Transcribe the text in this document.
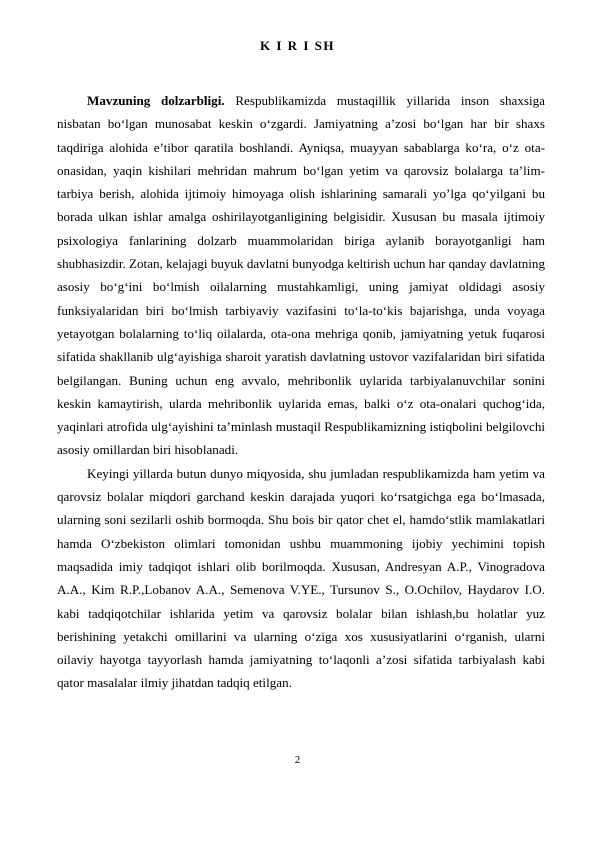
K I R I SH

Mavzuning dolzarbligi. Respublikamizda mustaqillik yillarida inson shaxsiga nisbatan bo‘lgan munosabat keskin o‘zgardi. Jamiyatning a’zosi bo‘lgan har bir shaxs taqdiriga alohida e’tibor qaratila boshlandi. Ayniqsa, muayyan sabablarga ko‘ra, o‘z ota-onasidan, yaqin kishilari mehridan mahrum bo‘lgan yetim va qarovsiz bolalarga ta’lim-tarbiya berish, alohida ijtimoiy himoyaga olish ishlarining samarali yo’lga qo‘yilgani bu borada ulkan ishlar amalga oshirilayotganligining belgisidir. Xususan bu masala ijtimoiy psixologiya fanlarining dolzarb muammolaridan biriga aylanib borayotganligi ham shubhasizdir. Zotan, kelajagi buyuk davlatni bunyodga keltirish uchun har qanday davlatning asosiy bo‘g‘ini bo‘lmish oilalarning mustahkamligi, uning jamiyat oldidagi asosiy funksiyalaridan biri bo‘lmish tarbiyaviy vazifasini to‘la-to‘kis bajarishga, unda voyaga yetayotgan bolalarning to‘liq oilalarda, ota-ona mehriga qonib, jamiyatning yetuk fuqarosi sifatida shakllanib ulg‘ayishiga sharoit yaratish davlatning ustovor vazifalaridan biri sifatida belgilangan. Buning uchun eng avvalo, mehribonlik uylarida tarbiyalanuvchilar sonini keskin kamaytirish, ularda mehribonlik uylarida emas, balki o‘z ota-onalari quchog‘ida, yaqinlari atrofida ulg‘ayishini ta’minlash mustaqil Respublikamizning istiqbolini belgilovchi asosiy omillardan biri hisoblanadi.

Keyingi yillarda butun dunyo miqyosida, shu jumladan respublikamizda ham yetim va qarovsiz bolalar miqdori garchand keskin darajada yuqori ko‘rsatgichga ega bo‘lmasada, ularning soni sezilarli oshib bormoqda. Shu bois bir qator chet el, hamdo‘stlik mamlakatlari hamda O‘zbekiston olimlari tomonidan ushbu muammoning ijobiy yechimini topish maqsadida imiy tadqiqot ishlari olib borilmoqda. Xususan, Andresyan A.P., Vinogradova A.A., Kim R.P.,Lobanov A.A., Semenova V.YE., Tursunov S., O.Ochilov, Haydarov I.O. kabi tadqiqotchilar ishlarida yetim va qarovsiz bolalar bilan ishlash,bu holatlar yuz berishining yetakchi omillarini va ularning o‘ziga xos xususiyatlarini o‘rganish, ularni oilaviy hayotga tayyorlash hamda jamiyatning to‘laqonli a’zosi sifatida tarbiyalash kabi qator masalalar ilmiy jihatdan tadqiq etilgan.

2
